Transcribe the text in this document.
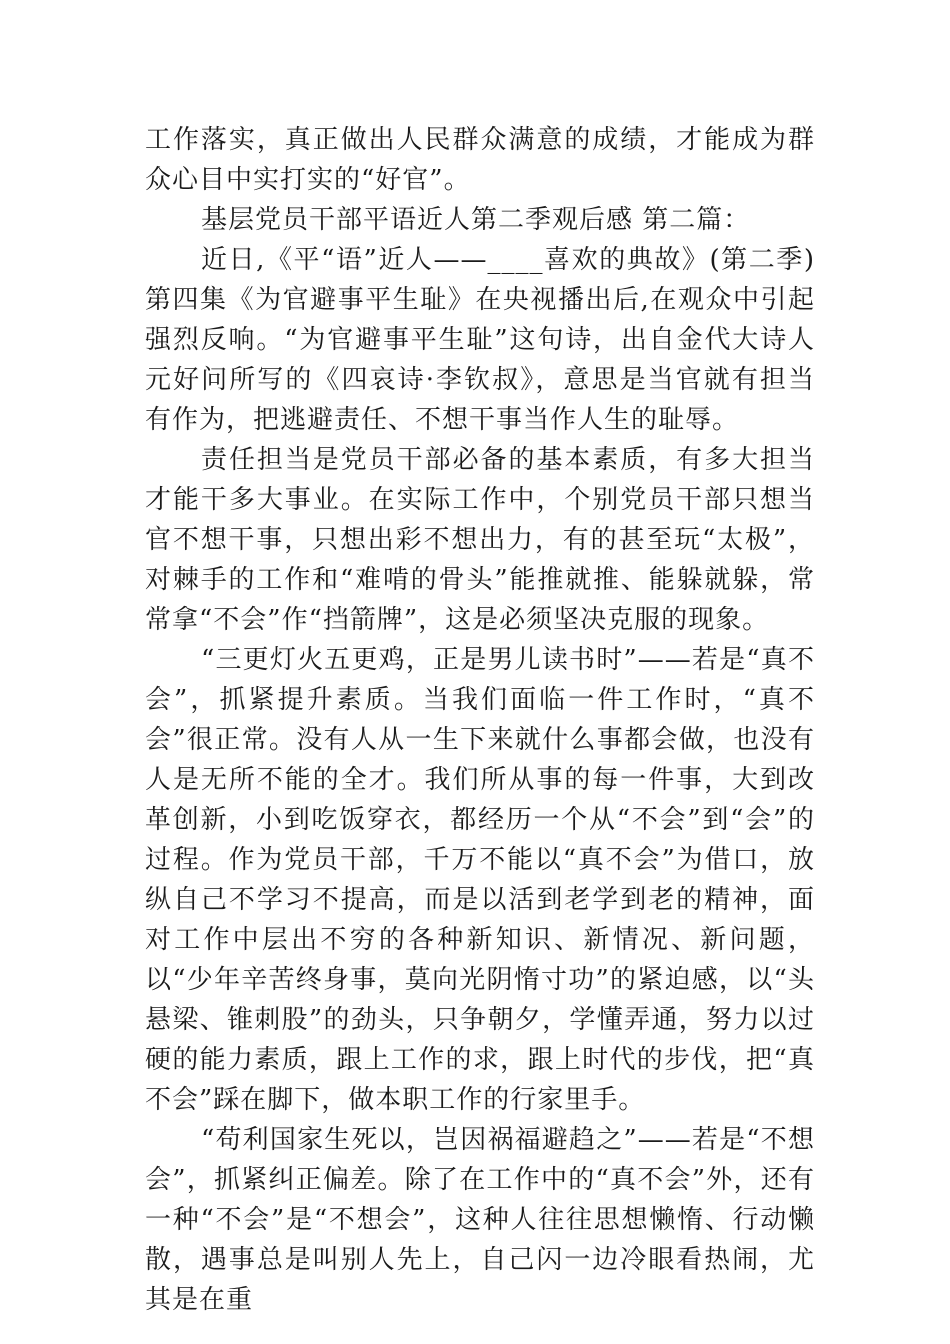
工作落实，真正做出人民群众满意的成绩，才能成为群众心目中实打实的“好官”。

基层党员干部平语近人第二季观后感 第二篇：

近日,《平“语”近人——____喜欢的典故》(第二季)第四集《为官避事平生耻》在央视播出后,在观众中引起强烈反响。“为官避事平生耻”这句诗，出自金代大诗人元好问所写的《四哀诗·李钦叔》，意思是当官就有担当有作为，把逃避责任、不想干事当作人生的耻辱。

责任担当是党员干部必备的基本素质，有多大担当才能干多大事业。在实际工作中，个别党员干部只想当官不想干事，只想出彩不想出力，有的甚至玩“太极”，对棘手的工作和“难啃的骨头”能推就推、能躲就躲，常常拿“不会”作“挡箭牌”，这是必须坚决克服的现象。

“三更灯火五更鸡，正是男儿读书时”——若是“真不会”，抓紧提升素质。当我们面临一件工作时，“真不会”很正常。没有人从一生下来就什么事都会做，也没有人是无所不能的全才。我们所从事的每一件事，大到改革创新，小到吃饭穿衣，都经历一个从“不会”到“会”的过程。作为党员干部，千万不能以“真不会”为借口，放纵自己不学习不提高，而是以活到老学到老的精神，面对工作中层出不穷的各种新知识、新情况、新问题，以“少年辛苦终身事，莫向光阴惰寸功”的紧迫感，以“头悬梁、锥刺股”的劲头，只争朝夕，学懂弄通，努力以过硬的能力素质，跟上工作的求，跟上时代的步伐，把“真不会”踩在脚下，做本职工作的行家里手。

“苟利国家生死以，岂因祸福避趋之”——若是“不想会”，抓紧纠正偏差。除了在工作中的“真不会”外，还有一种“不会”是“不想会”，这种人往往思想懒惰、行动懒散，遇事总是叫别人先上，自己闪一边冷眼看热闹，尤其是在重
